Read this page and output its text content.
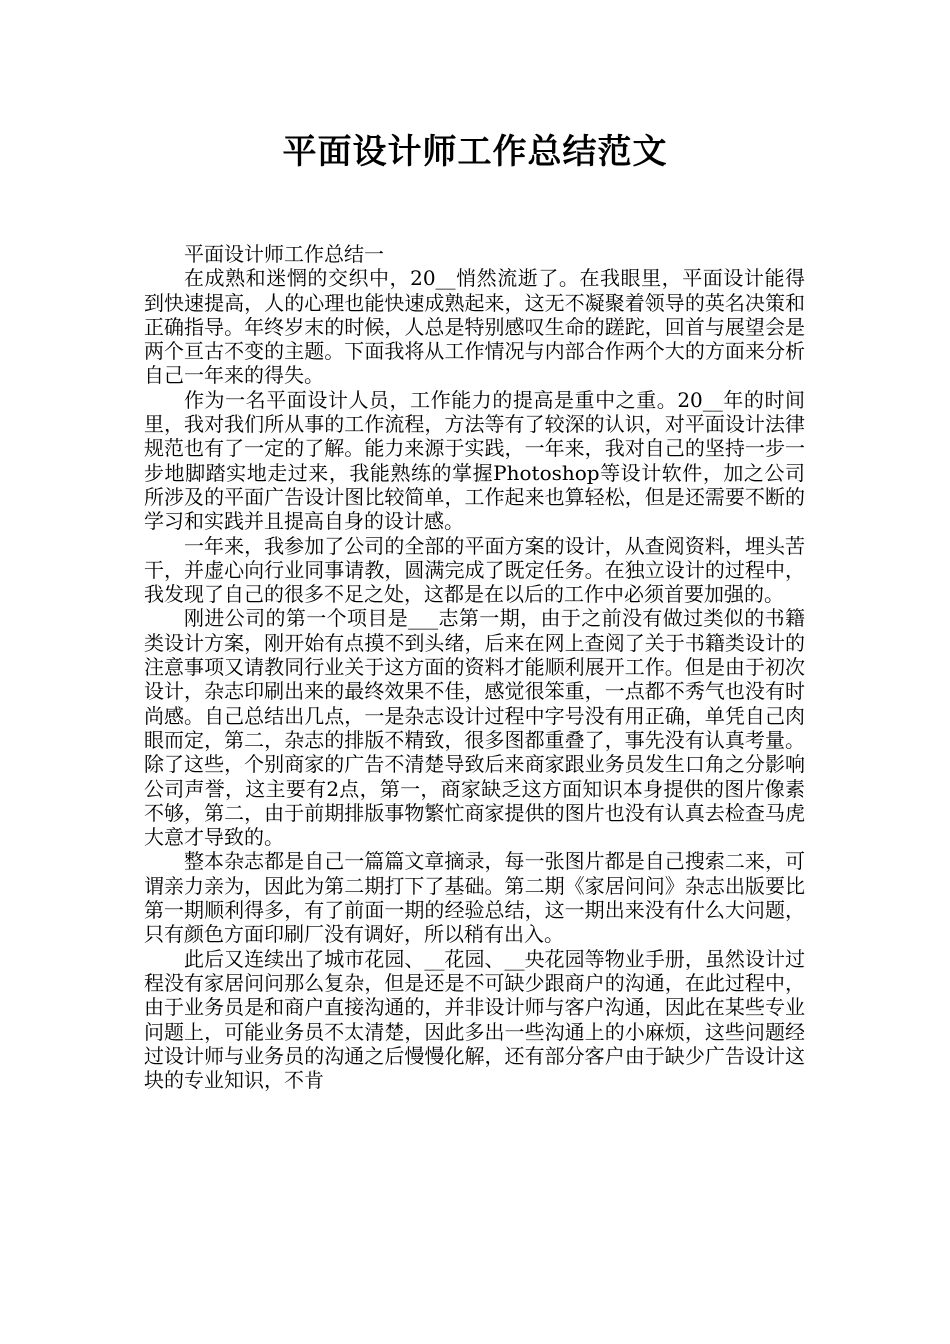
平面设计师工作总结范文
平面设计师工作总结一

在成熟和迷惘的交织中，20__悄然流逝了。在我眼里，平面设计能得到快速提高，人的心理也能快速成熟起来，这无不凝聚着领导的英名决策和正确指导。年终岁末的时候，人总是特别感叹生命的蹉跎，回首与展望会是两个亘古不变的主题。下面我将从工作情况与内部合作两个大的方面来分析自己一年来的得失。

作为一名平面设计人员，工作能力的提高是重中之重。20__年的时间里，我对我们所从事的工作流程，方法等有了较深的认识，对平面设计法律规范也有了一定的了解。能力来源于实践，一年来，我对自己的坚持一步一步地脚踏实地走过来，我能熟练的掌握Photoshop等设计软件，加之公司所涉及的平面广告设计图比较简单，工作起来也算轻松，但是还需要不断的学习和实践并且提高自身的设计感。

一年来，我参加了公司的全部的平面方案的设计，从查阅资料，埋头苦干，并虚心向行业同事请教，圆满完成了既定任务。在独立设计的过程中，我发现了自己的很多不足之处，这都是在以后的工作中必须首要加强的。

刚进公司的第一个项目是___志第一期，由于之前没有做过类似的书籍类设计方案，刚开始有点摸不到头绪，后来在网上查阅了关于书籍类设计的注意事项又请教同行业关于这方面的资料才能顺利展开工作。但是由于初次设计，杂志印刷出来的最终效果不佳，感觉很笨重，一点都不秀气也没有时尚感。自己总结出几点，一是杂志设计过程中字号没有用正确，单凭自己肉眼而定，第二，杂志的排版不精致，很多图都重叠了，事先没有认真考量。除了这些，个别商家的广告不清楚导致后来商家跟业务员发生口角之分影响公司声誉，这主要有2点，第一，商家缺乏这方面知识本身提供的图片像素不够，第二，由于前期排版事物繁忙商家提供的图片也没有认真去检查马虎大意才导致的。

整本杂志都是自己一篇篇文章摘录，每一张图片都是自己搜索二来，可谓亲力亲为，因此为第二期打下了基础。第二期《家居问问》杂志出版要比第一期顺利得多，有了前面一期的经验总结，这一期出来没有什么大问题，只有颜色方面印刷厂没有调好，所以稍有出入。

此后又连续出了城市花园、__花园、__央花园等物业手册，虽然设计过程没有家居问问那么复杂，但是还是不可缺少跟商户的沟通，在此过程中，由于业务员是和商户直接沟通的，并非设计师与客户沟通，因此在某些专业问题上，可能业务员不太清楚，因此多出一些沟通上的小麻烦，这些问题经过设计师与业务员的沟通之后慢慢化解，还有部分客户由于缺少广告设计这块的专业知识，不肯
